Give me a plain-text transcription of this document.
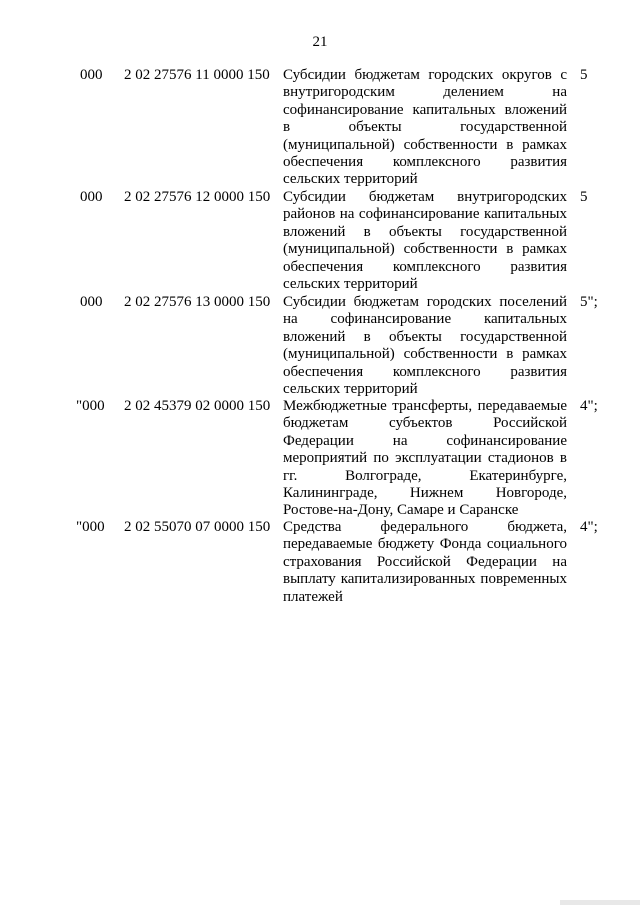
21
000 2 02 27576 11 0000 150 Субсидии бюджетам городских округов с внутригородским делением на софинансирование капитальных вложений в объекты государственной (муниципальной) собственности в рамках обеспечения комплексного развития сельских территорий
5
000 2 02 27576 12 0000 150 Субсидии бюджетам внутригородских районов на софинансирование капитальных вложений в объекты государственной (муниципальной) собственности в рамках обеспечения комплексного развития сельских территорий
5
000 2 02 27576 13 0000 150 Субсидии бюджетам городских поселений на софинансирование капитальных вложений в объекты государственной (муниципальной) собственности в рамках обеспечения комплексного развития сельских территорий
5";
"000 2 02 45379 02 0000 150 Межбюджетные трансферты, передаваемые бюджетам субъектов Российской Федерации на софинансирование мероприятий по эксплуатации стадионов в гг. Волгограде, Екатеринбурге, Калининграде, Нижнем Новгороде, Ростове-на-Дону, Самаре и Саранске
4";
"000 2 02 55070 07 0000 150 Средства федерального бюджета, передаваемые бюджету Фонда социального страхования Российской Федерации на выплату капитализированных повременных платежей
4";
